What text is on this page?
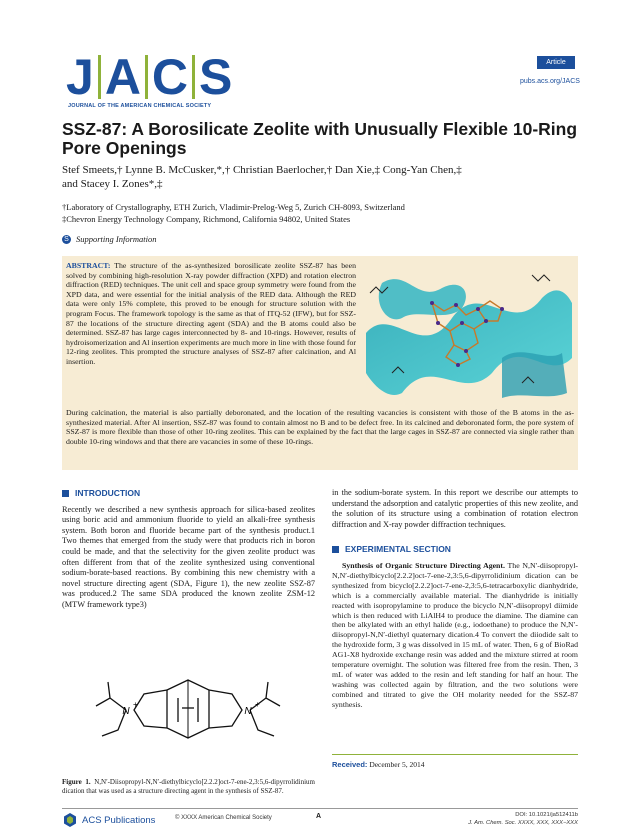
J A C S
JOURNAL OF THE AMERICAN CHEMICAL SOCIETY
Article
pubs.acs.org/JACS
SSZ-87: A Borosilicate Zeolite with Unusually Flexible 10-Ring Pore Openings
Stef Smeets,† Lynne B. McCusker,*,† Christian Baerlocher,† Dan Xie,‡ Cong-Yan Chen,‡
and Stacey I. Zones*,‡
†Laboratory of Crystallography, ETH Zurich, Vladimir-Prelog-Weg 5, Zurich CH-8093, Switzerland
‡Chevron Energy Technology Company, Richmond, California 94802, United States
S Supporting Information
ABSTRACT: The structure of the as-synthesized borosilicate zeolite SSZ-87 has been solved by combining high-resolution X-ray powder diffraction (XPD) and rotation electron diffraction (RED) techniques. The unit cell and space group symmetry were found from the XPD data, and were essential for the initial analysis of the RED data. Although the RED data were only 15% complete, this proved to be enough for structure solution with the program Focus. The framework topology is the same as that of ITQ-52 (IFW), but for SSZ-87 the locations of the structure directing agent (SDA) and the B atoms could also be determined. SSZ-87 has large cages interconnected by 8- and 10-rings. However, results of hydroisomerization and Al insertion experiments are much more in line with those found for 12-ring zeolites. This prompted the structure analyses of SSZ-87 after calcination, and Al insertion.
During calcination, the material is also partially deboronated, and the location of the resulting vacancies is consistent with those of the B atoms in the as-synthesized material. After Al insertion, SSZ-87 was found to contain almost no B and to be defect free. In its calcined and deboronated form, the pore system of SSZ-87 is more flexible than those of other 10-ring zeolites. This can be explained by the fact that the large cages in SSZ-87 are connected via single rather than double 10-ring windows and that there are vacancies in some of these 10-rings.
INTRODUCTION

Recently we described a new synthesis approach for silica-based zeolites using boric acid and ammonium fluoride to yield an alkali-free synthesis system. Both boron and fluoride became part of the synthesis product.1 Two themes that emerged from the study were that products rich in boron could be made, and that the selectivity for the given zeolite product was often different from that of the zeolite synthesized using conventional sodium-borate-based reactions. By combining this new chemistry with a novel structure directing agent (SDA, Figure 1), the new zeolite SSZ-87 was produced.2 The same SDA produced the known zeolite ZSM-12 (MTW framework type3)

N
+
N
+
Figure 1. N,N′-Diisopropyl-N,N′-diethylbicyclo[2.2.2]oct-7-ene-2,3:5,6-dipyrrolidinium dication that was used as a structure directing agent in the synthesis of SSZ-87.

in the sodium-borate system. In this report we describe our attempts to understand the adsorption and catalytic properties of this new zeolite, and the solution of its structure using a combination of rotation electron diffraction and X-ray powder diffraction techniques.

EXPERIMENTAL SECTION

Synthesis of Organic Structure Directing Agent. The N,N′-diisopropyl-N,N′-diethylbicyclo[2.2.2]oct-7-ene-2,3:5,6-dipyrrolidinium dication can be synthesized from bicyclo[2.2.2]oct-7-ene-2,3:5,6-tetracarboxylic dianhydride, which is a commercially available material. The dianhydride is initially reacted with isopropylamine to produce the bicyclo N,N′-diisopropyl diimide which is then reduced with LiAlH4 to produce the diamine. The diamine can then be alkylated with an ethyl halide (e.g., iodoethane) to produce the N,N′-diisopropyl-N,N′-diethyl quaternary dication.4 To convert the diiodide salt to the hydroxide form, 3 g was dissolved in 15 mL of water. Then, 6 g of BioRad AG1-X8 hydroxide exchange resin was added and the mixture stirred at room temperature overnight. The solution was filtered free from the resin. Then, 3 mL of water was added to the resin and left standing for half an hour. The washing was collected again by filtration, and the two solutions were combined and titrated to give the OH molarity needed for the SSZ-87 synthesis.

Received: December 5, 2014
ACS Publications	© XXXX American Chemical Society	A	DOI: 10.1021/ja512411b
J. Am. Chem. Soc. XXXX, XXX, XXX−XXX
